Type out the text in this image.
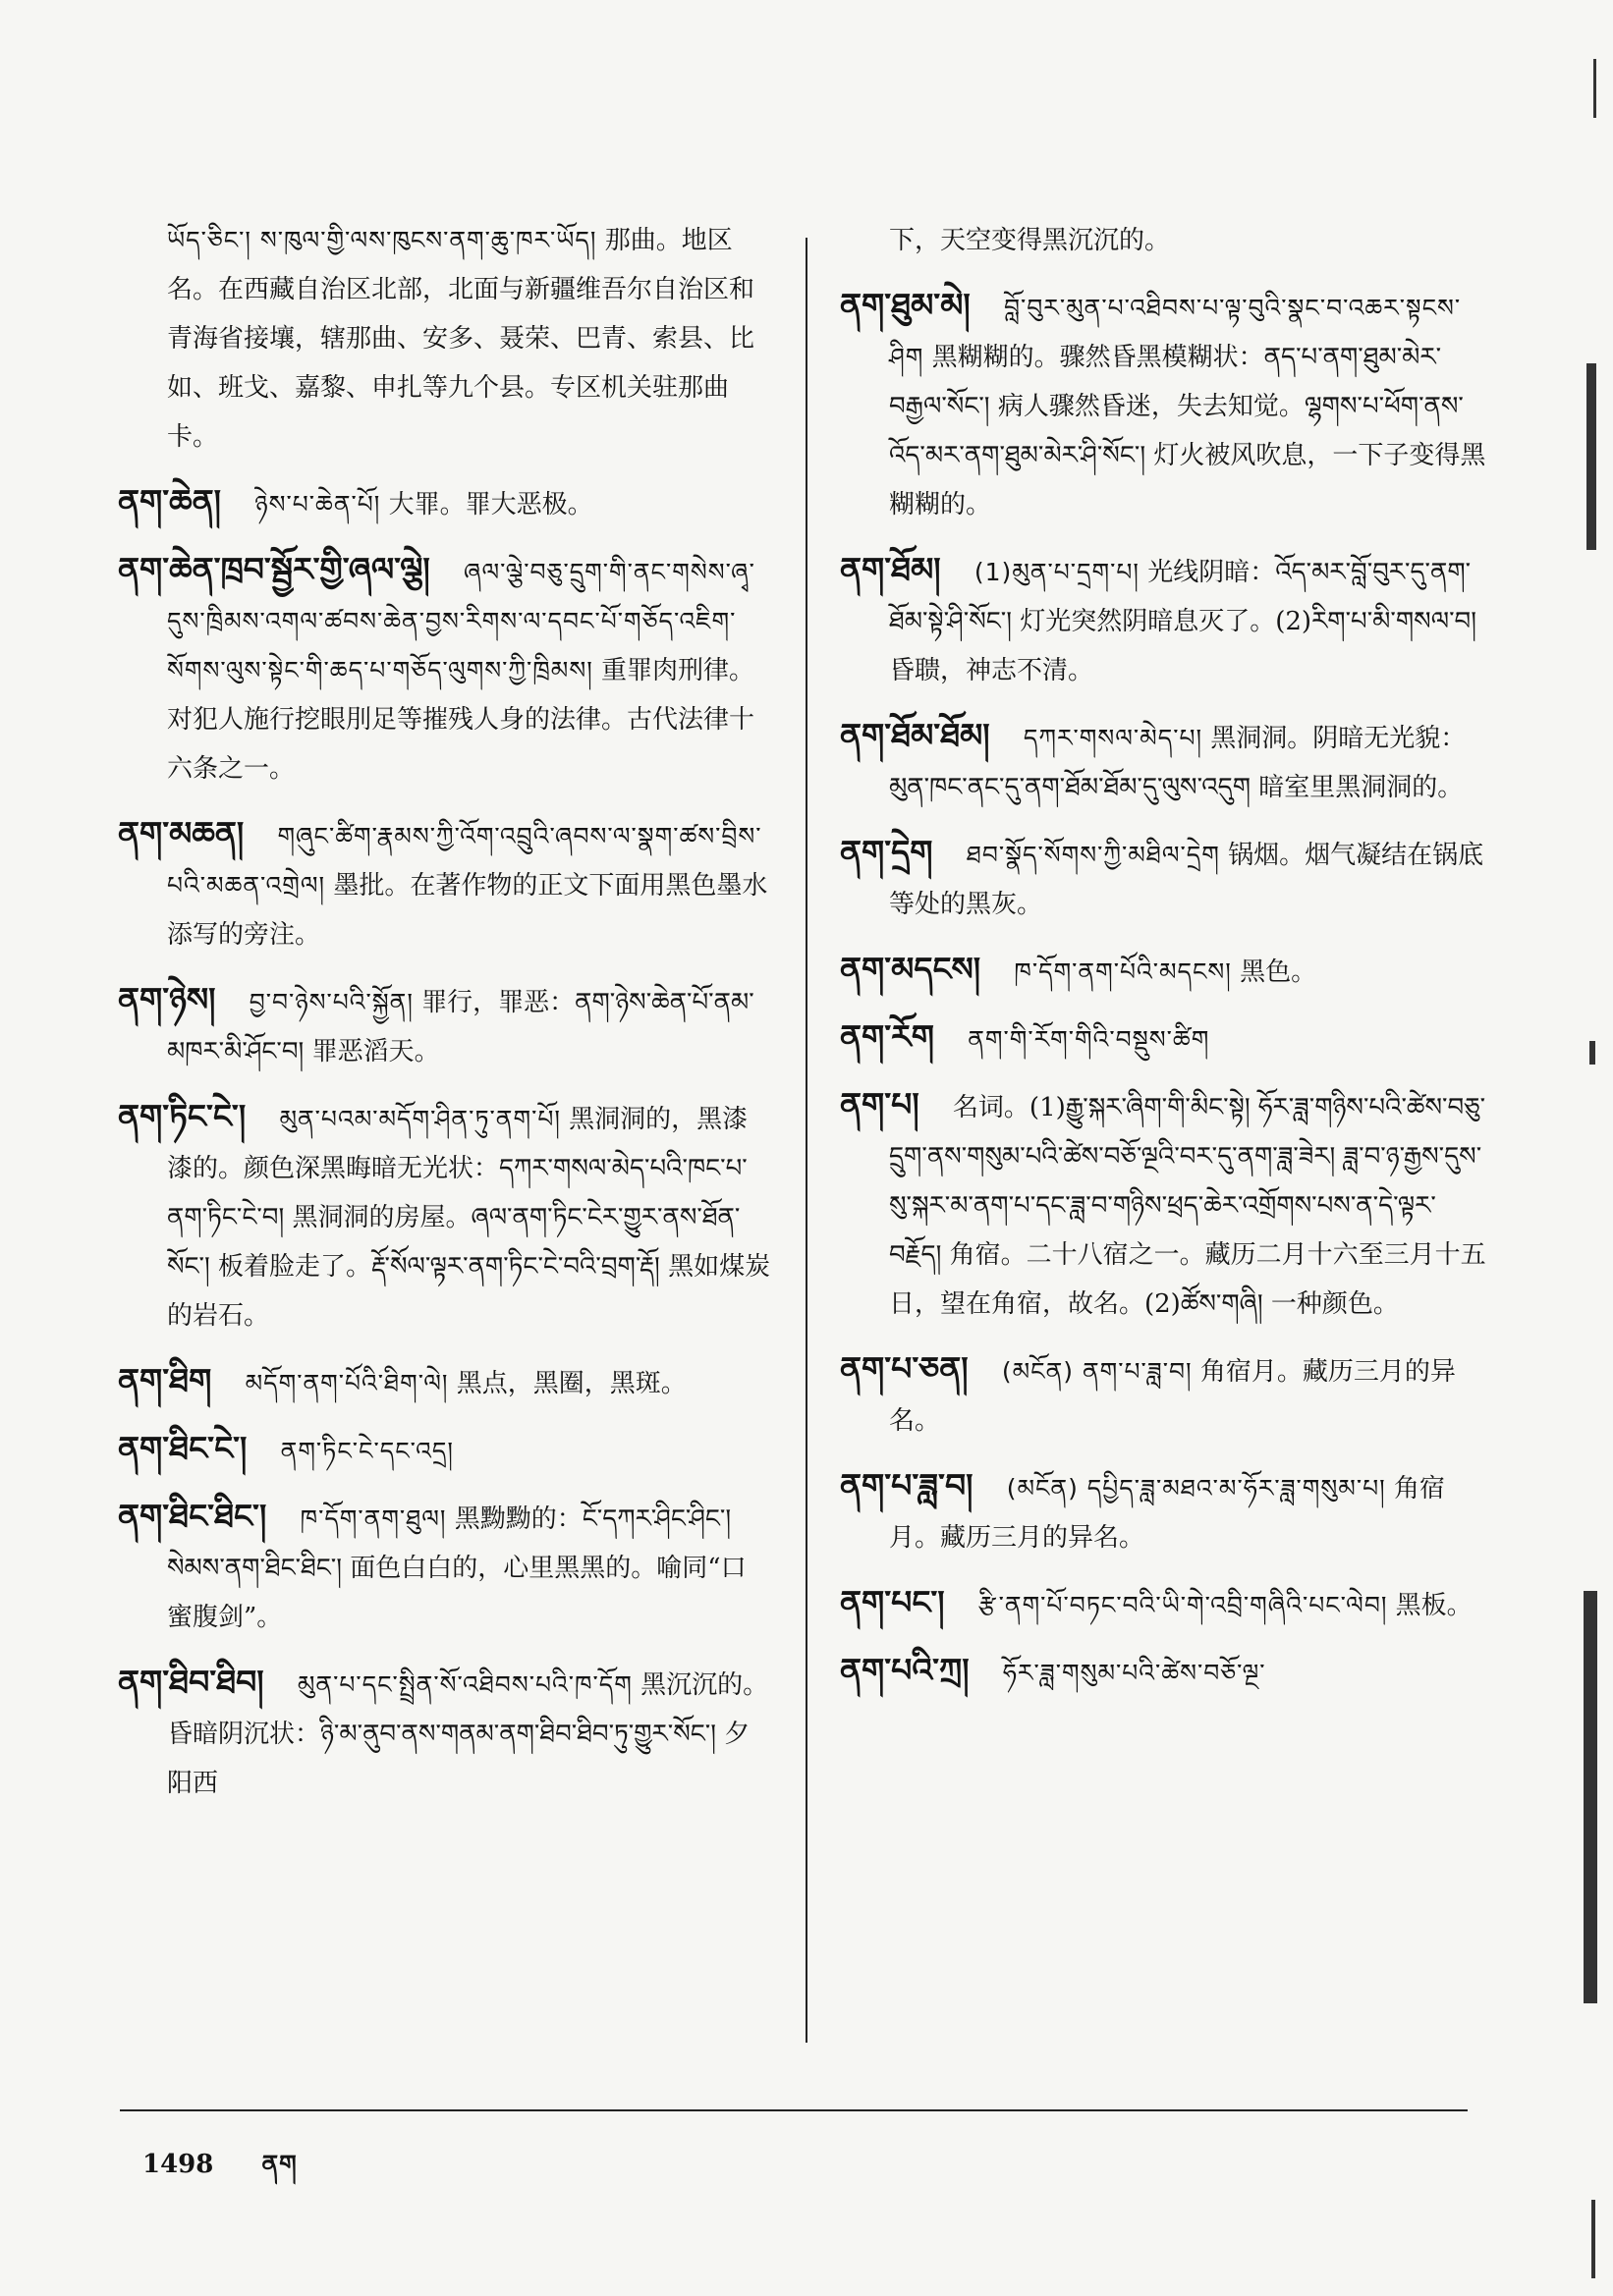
ཡོད་ཅིང་། ས་ཁུལ་གྱི་ལས་ཁུངས་ནག་ཆུ་ཁར་ཡོད། 那曲。地区名。在西藏自治区北部，北面与新疆维吾尔自治区和青海省接壤，辖那曲、安多、聂荣、巴青、索县、比如、班戈、嘉黎、申扎等九个县。专区机关驻那曲卡。

ནག་ཆེན། ཉེས་པ་ཆེན་པོ། 大罪。罪大恶极。

ནག་ཆེན་ཁྲབ་སྦྱོར་གྱི་ཞལ་ལྕེ། ཞལ་ལྕེ་བཅུ་དྲུག་གི་ནང་གསེས་ཞྭ་དུས་ཁྲིམས་འགལ་ཚབས་ཆེན་བྱས་རིགས་ལ་དབང་པོ་གཅོད་འཇིག་སོགས་ལུས་སྟེང་གི་ཆད་པ་གཅོད་ལུགས་ཀྱི་ཁྲིམས། 重罪肉刑律。对犯人施行挖眼刖足等摧残人身的法律。古代法律十六条之一。

ནག་མཆན། གཞུང་ཚིག་རྣམས་ཀྱི་འོག་འབྲུའི་ཞབས་ལ་སྣག་ཚས་བྲིས་པའི་མཆན་འགྲེལ། 墨批。在著作物的正文下面用黑色墨水添写的旁注。

ནག་ཉེས། བྱ་བ་ཉེས་པའི་སྐྱོན། 罪行，罪恶：ནག་ཉེས་ཆེན་པོ་ནམ་མཁར་མི་ཤོང་བ། 罪恶滔天。

ནག་ཏིང་ངེ་། མུན་པའམ་མདོག་ཤིན་ཏུ་ནག་པོ། 黑洞洞的，黑漆漆的。颜色深黑晦暗无光状：དཀར་གསལ་མེད་པའི་ཁང་པ་ནག་ཏིང་ངེ་བ། 黑洞洞的房屋。ཞལ་ནག་ཏིང་ངེར་གྱུར་ནས་ཐོན་སོང་། 板着脸走了。རྡོ་སོལ་ལྟར་ནག་ཏིང་ངེ་བའི་བྲག་རྡོ། 黑如煤炭的岩石。

ནག་ཐིག མདོག་ནག་པོའི་ཐིག་ལེ། 黑点，黑圈，黑斑。

ནག་ཐིང་ངེ་། ནག་ཏིང་ངེ་དང་འདྲ།

ནག་ཐིང་ཐིང་། ཁ་དོག་ནག་ཐུལ། 黑黝黝的：ངོ་དཀར་ཤིང་ཤིང་། སེམས་ནག་ཐིང་ཐིང་། 面色白白的，心里黑黑的。喻同“口蜜腹剑”。

ནག་ཐིབ་ཐིབ། མུན་པ་དང་སྤྲིན་སོ་འཐིབས་པའི་ཁ་དོག 黑沉沉的。昏暗阴沉状：ཉི་མ་ནུབ་ནས་གནམ་ནག་ཐིབ་ཐིབ་ཏུ་གྱུར་སོང་། 夕阳西

下，天空变得黑沉沉的。

ནག་ཐུམ་མེ། བློ་བུར་མུན་པ་འཐིབས་པ་ལྟ་བུའི་སྣང་བ་འཆར་སྟངས་ཤིག 黑糊糊的。骤然昏黑模糊状：ནད་པ་ནག་ཐུམ་མེར་བརྒྱལ་སོང་། 病人骤然昏迷，失去知觉。ལྷགས་པ་ཕོག་ནས་འོད་མར་ནག་ཐུམ་མེར་ཤི་སོང་། 灯火被风吹息，一下子变得黑糊糊的。

ནག་ཐོམ། (1)མུན་པ་དྲག་པ། 光线阴暗：འོད་མར་བློ་བུར་དུ་ནག་ཐོམ་སྟེ་ཤི་སོང་། 灯光突然阴暗息灭了。(2)རིག་པ་མི་གསལ་བ། 昏聩，神志不清。

ནག་ཐོམ་ཐོམ། དཀར་གསལ་མེད་པ། 黑洞洞。阴暗无光貌：མུན་ཁང་ནང་དུ་ནག་ཐོམ་ཐོམ་དུ་ལུས་འདུག 暗室里黑洞洞的。

ནག་དྲེག ཐབ་སྣོད་སོགས་ཀྱི་མཐིལ་དྲེག 锅烟。烟气凝结在锅底等处的黑灰。

ནག་མདངས། ཁ་དོག་ནག་པོའི་མདངས། 黑色。

ནག་རོག ནག་གི་རོག་གིའི་བསྡུས་ཚིག

ནག་པ། 名词。(1)རྒྱུ་སྐར་ཞིག་གི་མིང་སྟེ། ཧོར་ཟླ་གཉིས་པའི་ཚེས་བཅུ་དྲུག་ནས་གསུམ་པའི་ཚེས་བཅོ་ལྔའི་བར་དུ་ནག་ཟླ་ཟེར། ཟླ་བ་ཉ་རྒྱས་དུས་སུ་སྐར་མ་ནག་པ་དང་ཟླ་བ་གཉིས་ཕྲད་ཆེར་འགྲོགས་པས་ན་དེ་ལྟར་བརྗོད། 角宿。二十八宿之一。藏历二月十六至三月十五日，望在角宿，故名。(2)ཚོས་གཞི། 一种颜色。

ནག་པ་ཅན། (མངོན) ནག་པ་ཟླ་བ། 角宿月。藏历三月的异名。

ནག་པ་ཟླ་བ། (མངོན) དཔྱིད་ཟླ་མཐའ་མ་ཧོར་ཟླ་གསུམ་པ། 角宿月。藏历三月的异名。

ནག་པང་། རྩི་ནག་པོ་བཏང་བའི་ཡི་གེ་འབྲི་གཞིའི་པང་ལེབ། 黑板。

ནག་པའི་ཀྲ། ཧོར་ཟླ་གསུམ་པའི་ཚེས་བཅོ་ལྔ་

1498 ནག
